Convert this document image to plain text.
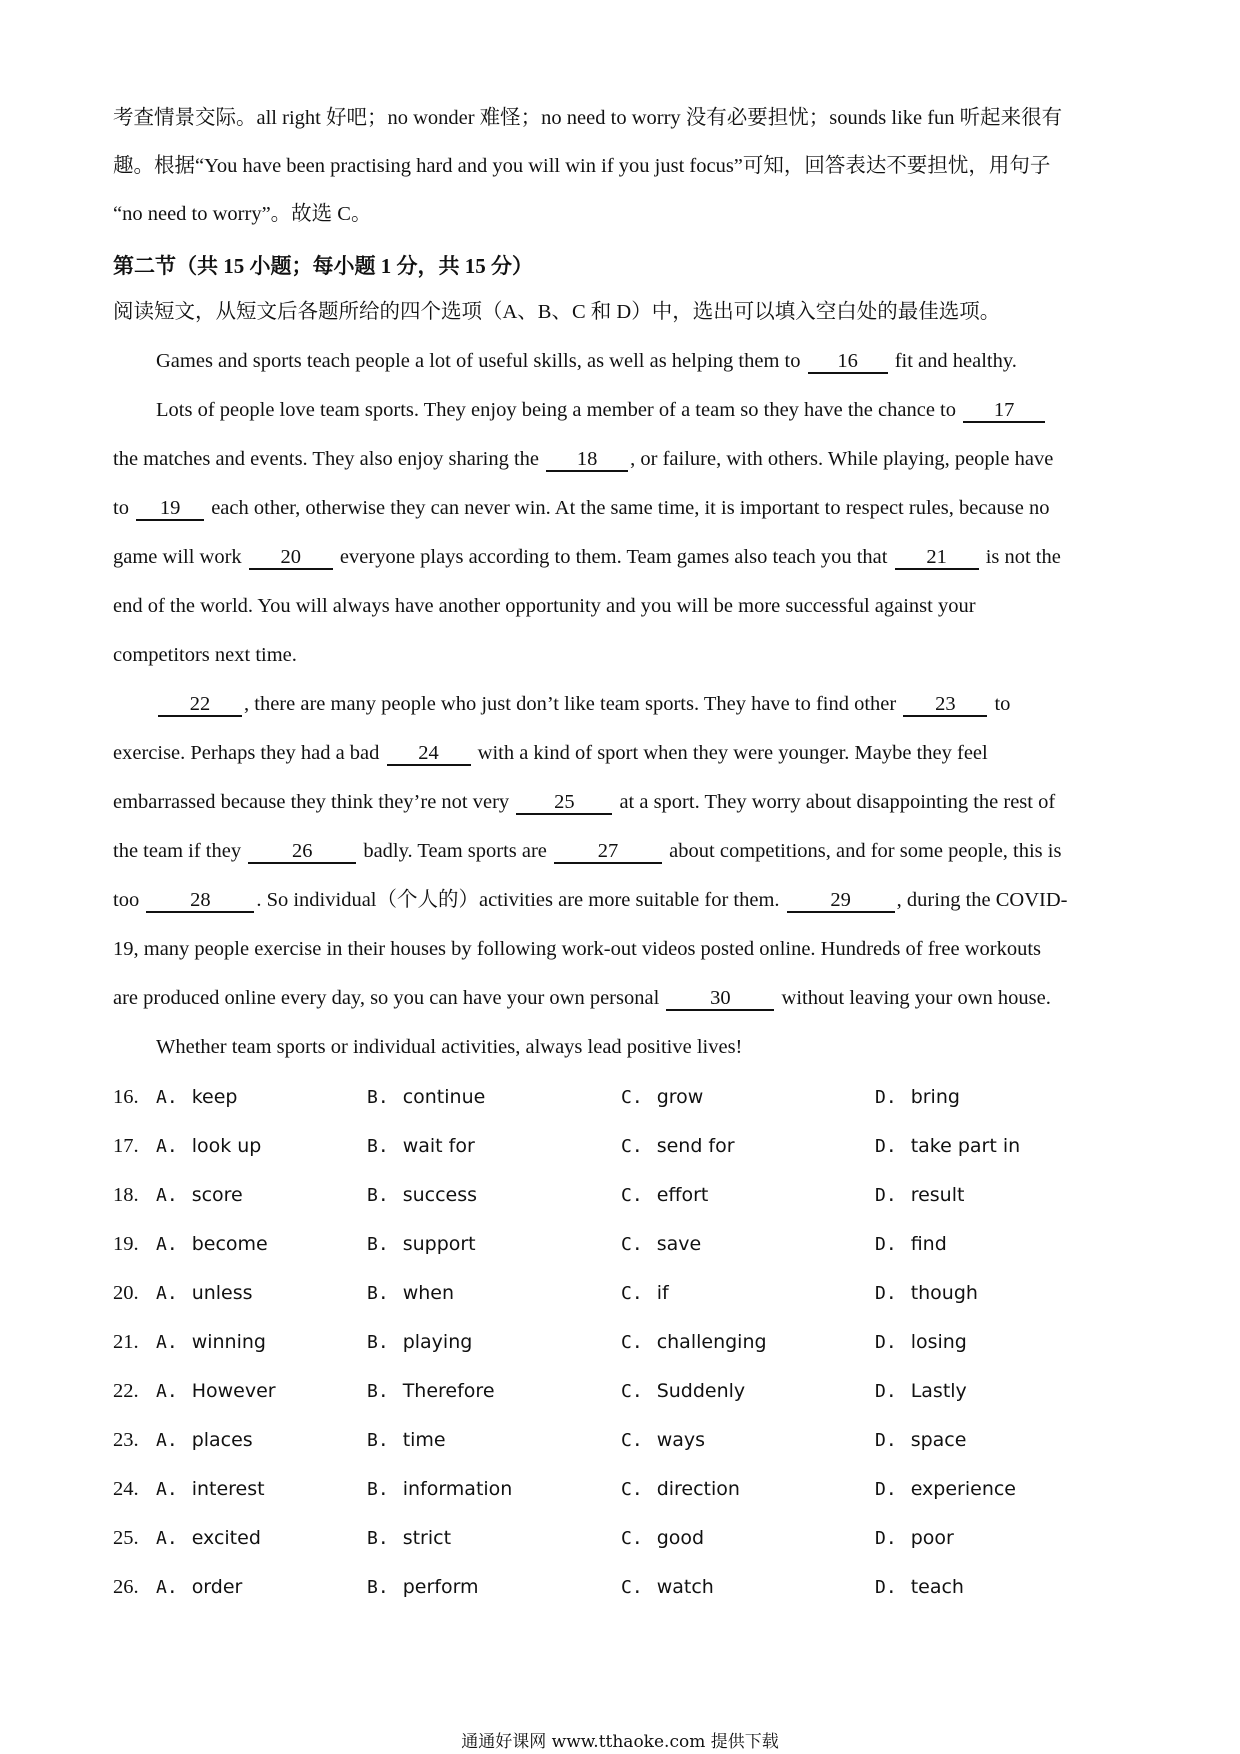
考查情景交际。all right 好吧；no wonder 难怪；no need to worry 没有必要担忧；sounds like fun 听起来很有
趣。根据“You have been practising hard and you will win if you just focus”可知，回答表达不要担忧，用句子
“no need to worry”。故选 C。
第二节（共 15 小题；每小题 1 分，共 15 分）
阅读短文，从短文后各题所给的四个选项（A、B、C 和 D）中，选出可以填入空白处的最佳选项。
Games and sports teach people a lot of useful skills, as well as helping them to 16 fit and healthy.
Lots of people love team sports. They enjoy being a member of a team so they have the chance to 17
the matches and events. They also enjoy sharing the 18 , or failure, with others. While playing, people have
to 19 each other, otherwise they can never win. At the same time, it is important to respect rules, because no
game will work 20 everyone plays according to them. Team games also teach you that 21 is not the
end of the world. You will always have another opportunity and you will be more successful against your
competitors next time.
22 , there are many people who just don’t like team sports. They have to find other 23 to
exercise. Perhaps they had a bad 24 with a kind of sport when they were younger. Maybe they feel
embarrassed because they think they’re not very 25 at a sport. They worry about disappointing the rest of
the team if they 26 badly. Team sports are 27 about competitions, and for some people, this is
too 28 . So individual（个人的）activities are more suitable for them. 29 , during the COVID-
19, many people exercise in their houses by following work-out videos posted online. Hundreds of free workouts
are produced online every day, so you can have your own personal 30 without leaving your own house.
Whether team sports or individual activities, always lead positive lives!
16. A. keep	B. continue	C. grow	D. bring
17. A. look up	B. wait for	C. send for	D. take part in
18. A. score	B. success	C. effort	D. result
19. A. become	B. support	C. save	D. find
20. A. unless	B. when	C. if	D. though
21. A. winning	B. playing	C. challenging	D. losing
22. A. However	B. Therefore	C. Suddenly	D. Lastly
23. A. places	B. time	C. ways	D. space
24. A. interest	B. information	C. direction	D. experience
25. A. excited	B. strict	C. good	D. poor
26. A. order	B. perform	C. watch	D. teach
通通好课网 www.tthaoke.com 提供下载
